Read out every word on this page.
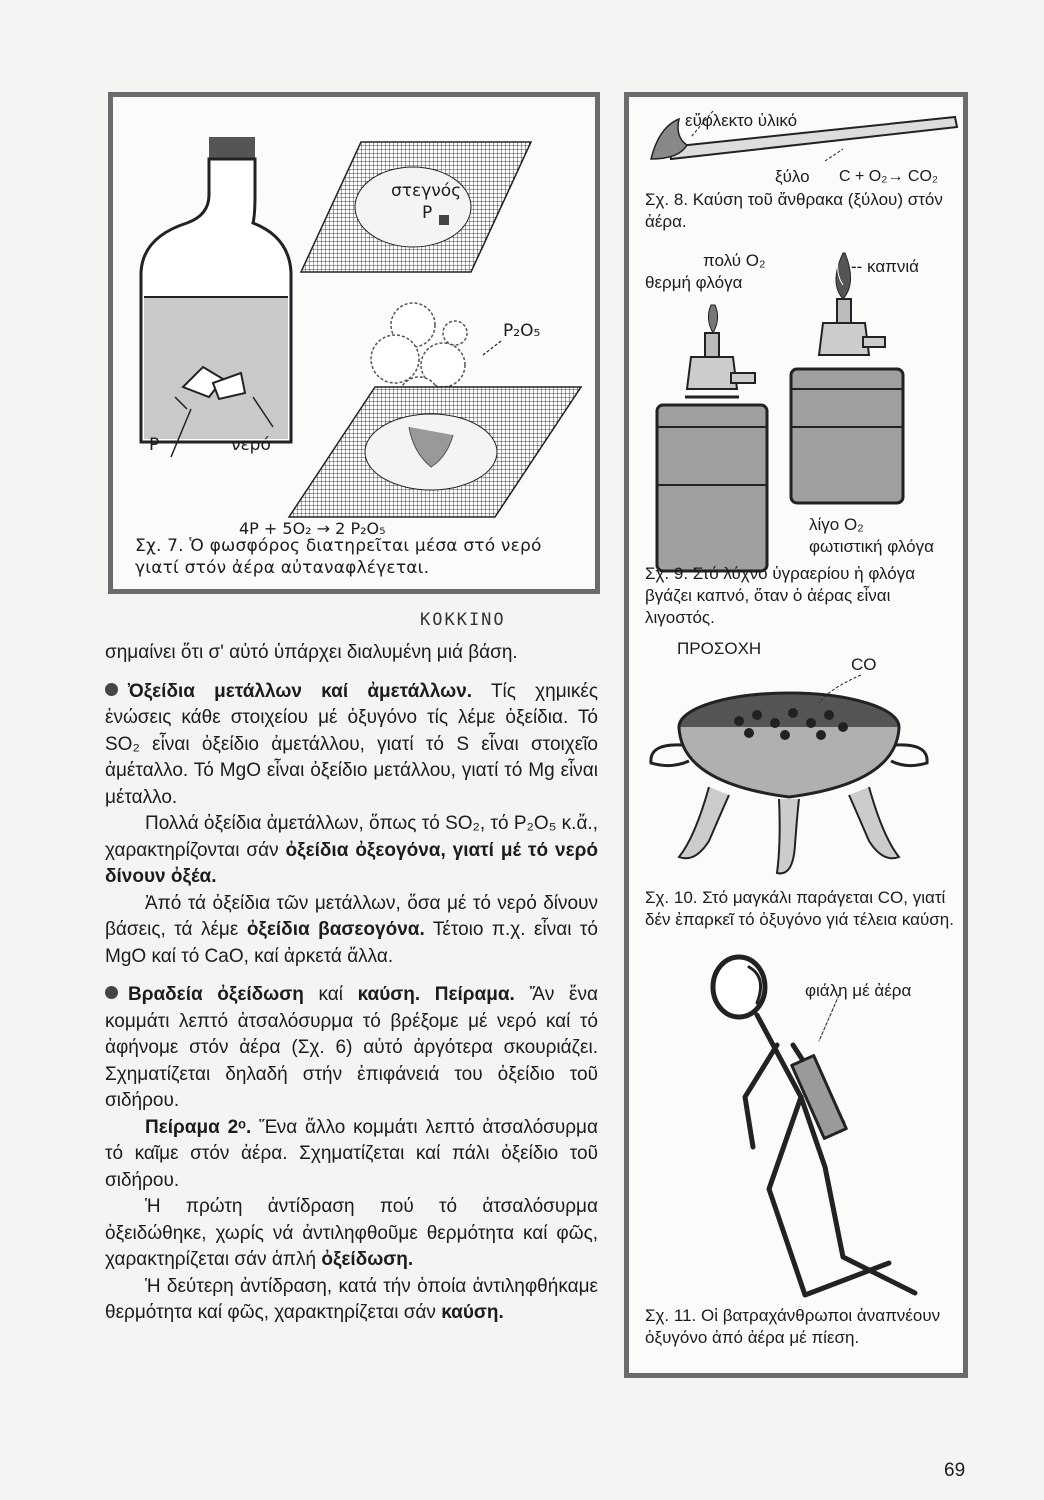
στεγνός
P
P₂O₅
P	νερό
4P + 5O₂ → 2 P₂O₅
Σχ. 7. Ὁ φωσφόρος διατηρεῖται μέσα στό νερό γιατί στόν ἀέρα αὐταναφλέγεται.
ΚΟΚΚΙΝΟ

σημαίνει ὅτι σ' αὐτό ὑπάρχει διαλυμένη μιά βάση.

Ὀξείδια μετάλλων καί ἀμετάλλων. Τίς χημικές ἑνώσεις κάθε στοιχείου μέ ὀξυγόνο τίς λέμε ὀξείδια. Τό SO₂ εἶναι ὀξείδιο ἀμετάλλου, γιατί τό S εἶναι στοιχεῖο ἀμέταλλο. Τό MgO εἶναι ὀξείδιο μετάλλου, γιατί τό Mg εἶναι μέταλλο.

Πολλά ὀξείδια ἀμετάλλων, ὅπως τό SO₂, τό P₂O₅ κ.ἄ., χαρακτηρίζονται σάν ὀξείδια ὀξεογόνα, γιατί μέ τό νερό δίνουν ὀξέα.

Ἀπό τά ὀξείδια τῶν μετάλλων, ὅσα μέ τό νερό δίνουν βάσεις, τά λέμε ὀξείδια βασεογόνα. Τέτοιο π.χ. εἶναι τό MgO καί τό CaO, καί ἀρκετά ἄλλα.

Βραδεία ὀξείδωση καί καύση. Πείραμα. Ἄν ἕνα κομμάτι λεπτό ἀτσαλόσυρμα τό βρέξομε μέ νερό καί τό ἀφήνομε στόν ἀέρα (Σχ. 6) αὐτό ἀργότερα σκουριάζει. Σχηματίζεται δηλαδή στήν ἐπιφάνειά του ὀξείδιο τοῦ σιδήρου.

Πείραμα 2ᵒ. Ἕνα ἄλλο κομμάτι λεπτό ἀτσαλόσυρμα τό καῖμε στόν ἀέρα. Σχηματίζεται καί πάλι ὀξείδιο τοῦ σιδήρου.

Ἡ πρώτη ἀντίδραση πού τό ἀτσαλόσυρμα ὀξειδώθηκε, χωρίς νά ἀντιληφθοῦμε θερμότητα καί φῶς, χαρακτηρίζεται σάν ἁπλή ὀξείδωση.

Ἡ δεύτερη ἀντίδραση, κατά τήν ὁποία ἀντιληφθήκαμε θερμότητα καί φῶς, χαρακτηρίζεται σάν καύση.

εὔφλεκτο ὑλικό
ξύλο C + O₂→ CO₂
Σχ. 8. Καύση τοῦ ἄνθρακα (ξύλου) στόν ἀέρα.
πολύ O₂
θερμή φλόγα
-- καπνιά
λίγο O₂
φωτιστική φλόγα
Σχ. 9. Στό λύχνο ὑγραερίου ἡ φλόγα βγάζει καπνό, ὅταν ὁ ἀέρας εἶναι λιγοστός.
ΠΡΟΣΟΧΗ
CO
Σχ. 10. Στό μαγκάλι παράγεται CO, γιατί δέν ἐπαρκεῖ τό ὀξυγόνο γιά τέλεια καύση.
φιάλη μέ ἀέρα
Σχ. 11. Οἱ βατραχάνθρωποι ἀναπνέουν ὀξυγόνο ἀπό ἀέρα μέ πίεση.
69
